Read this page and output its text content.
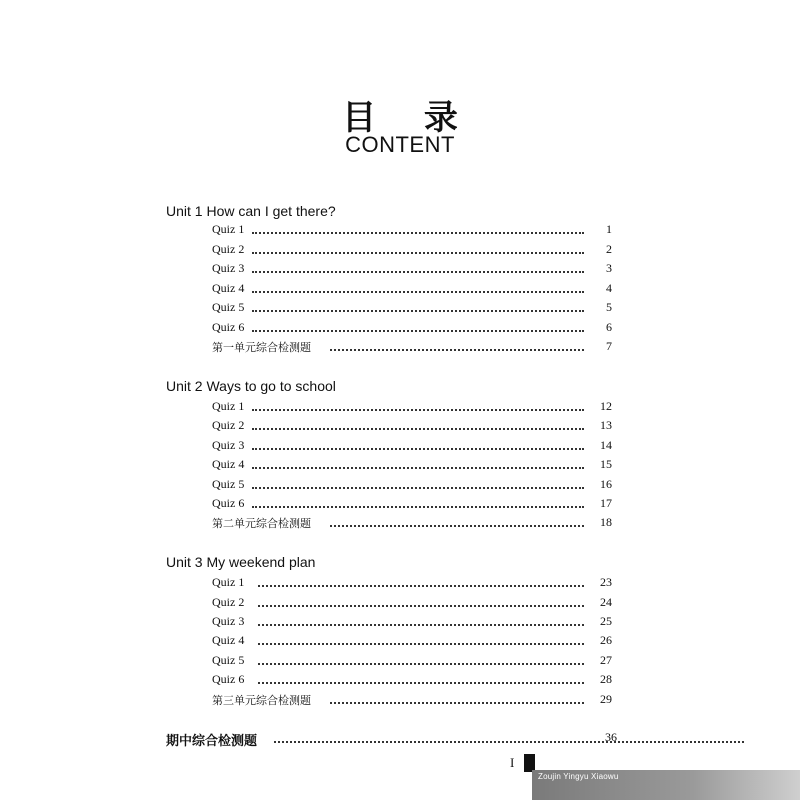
目 录
CONTENT
Unit 1 How can I get there?
Quiz 1	1
Quiz 2	2
Quiz 3	3
Quiz 4	4
Quiz 5	5
Quiz 6	6
第一单元综合检测题	7
Unit 2 Ways to go to school
Quiz 1	12
Quiz 2	13
Quiz 3	14
Quiz 4	15
Quiz 5	16
Quiz 6	17
第二单元综合检测题	18
Unit 3 My weekend plan
Quiz 1	23
Quiz 2	24
Quiz 3	25
Quiz 4	26
Quiz 5	27
Quiz 6	28
第三单元综合检测题	29
期中综合检测题	36
I
Zoujin Yingyu Xiaowu
